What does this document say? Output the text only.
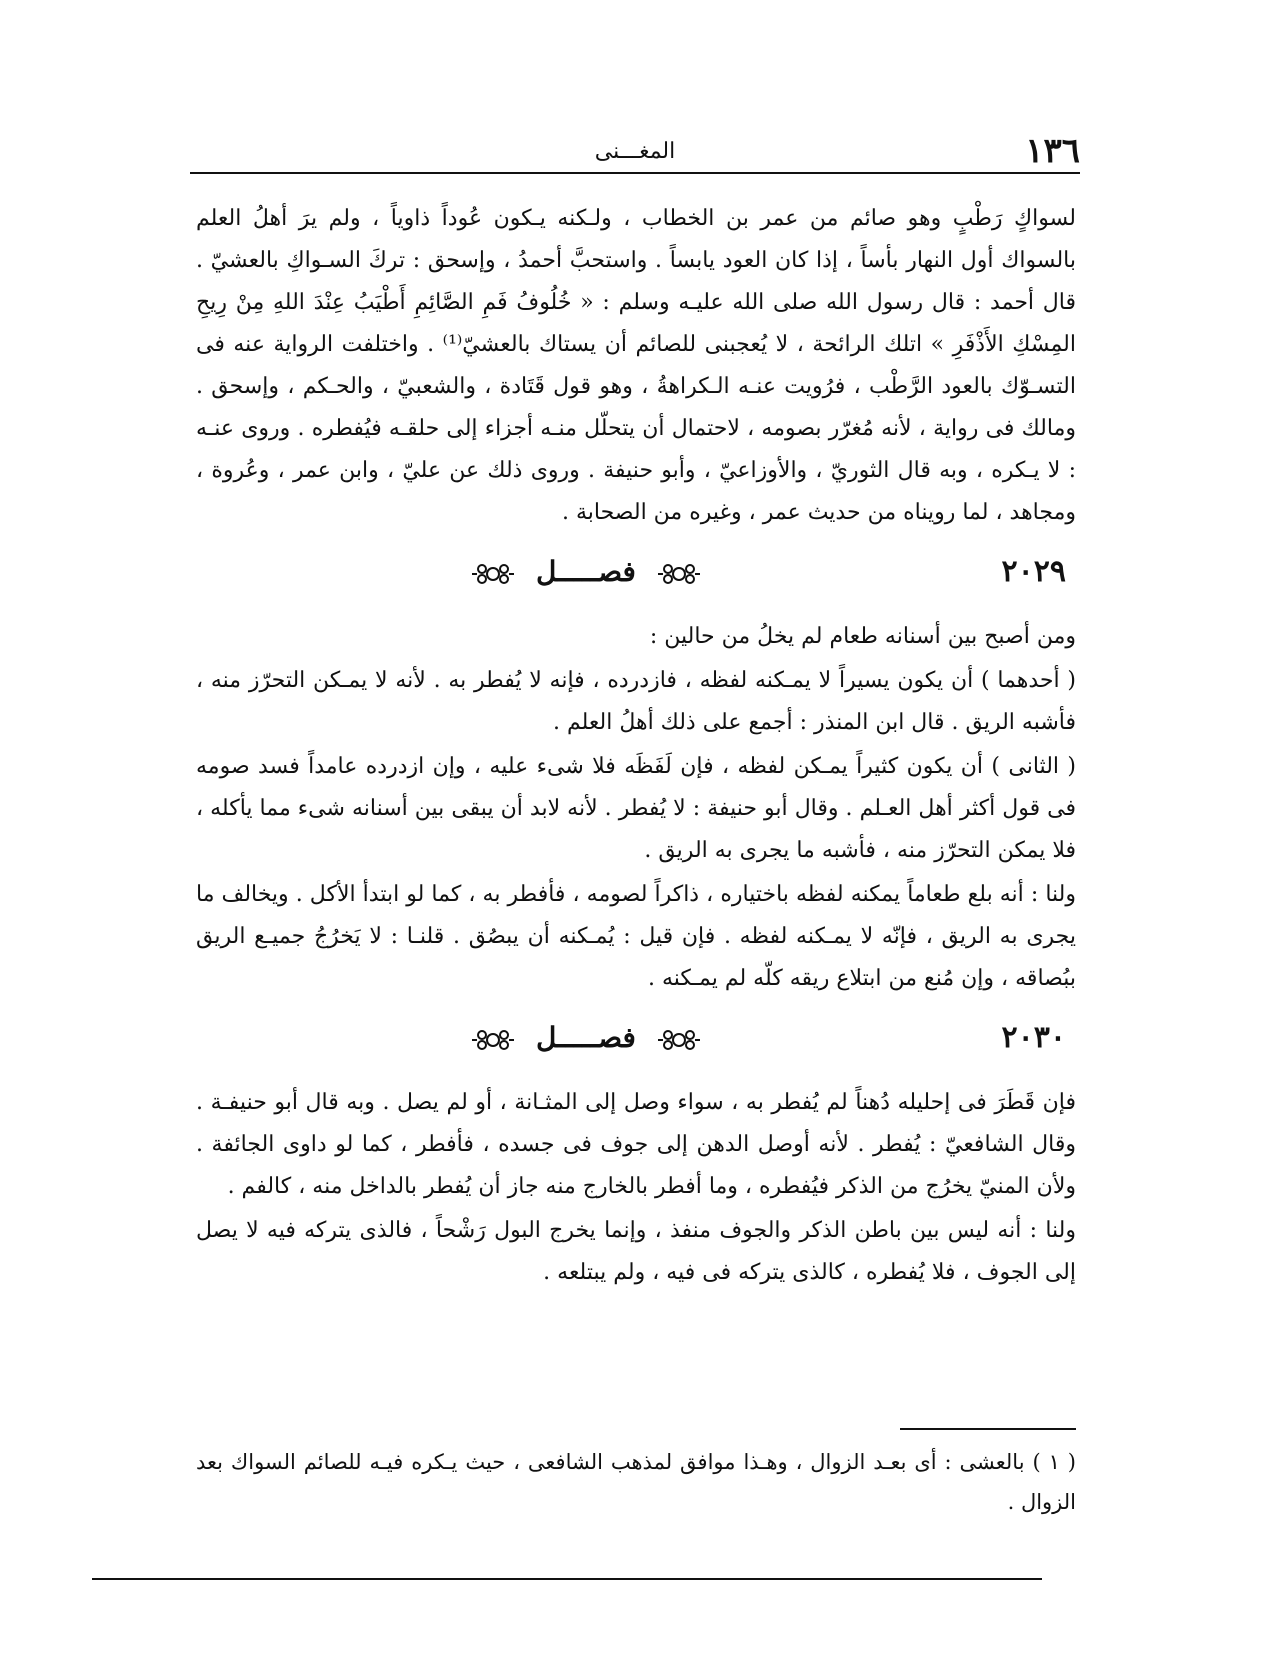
١٣٦
المغـــنى

لسواكٍ رَطْبٍ وهو صائم من عمر بن الخطاب ، ولـكنه يـكون عُوداً ذاوياً ، ولم يرَ أهلُ العلم بالسواك أول النهار بأساً ، إذا كان العود يابساً . واستحبَّ أحمدُ ، وإسحق : تركَ السـواكِ بالعشيّ . قال أحمد : قال رسول الله صلى الله عليـه وسلم : « خُلُوفُ فَمِ الصَّائِمِ أَطْيَبُ عِنْدَ اللهِ مِنْ رِيحِ المِسْكِ الأَذْفَرِ » اتلك الرائحة ، لا يُعجبنى للصائم أن يستاك بالعشيّ⁽¹⁾ . واختلفت الرواية عنه فى التسـوّك بالعود الرَّطْب ، فرُويت عنـه الـكراهةُ ، وهو قول قَتَادة ، والشعبيّ ، والحـكم ، وإسحق . ومالك فى رواية ، لأنه مُغرّر بصومه ، لاحتمال أن يتحلّل منـه أجزاء إلى حلقـه فيُفطره . وروى عنـه : لا يـكره ، وبه قال الثوريّ ، والأوزاعيّ ، وأبو حنيفة . وروى ذلك عن عليّ ، وابن عمر ، وعُروة ، ومجاهد ، لما رويناه من حديث عمر ، وغيره من الصحابة .

٢٠٢٩
فصـــــل

ومن أصبح بين أسنانه طعام لم يخلُ من حالين :

( أحدهما ) أن يكون يسيراً لا يمـكنه لفظه ، فازدرده ، فإنه لا يُفطر به . لأنه لا يمـكن التحرّز منه ، فأشبه الريق . قال ابن المنذر : أجمع على ذلك أهلُ العلم .

( الثانى ) أن يكون كثيراً يمـكن لفظه ، فإن لَفَظَه فلا شىء عليه ، وإن ازدرده عامداً فسد صومه فى قول أكثر أهل العـلم . وقال أبو حنيفة : لا يُفطر . لأنه لابد أن يبقى بين أسنانه شىء مما يأكله ، فلا يمكن التحرّز منه ، فأشبه ما يجرى به الريق .

ولنا : أنه بلع طعاماً يمكنه لفظه باختياره ، ذاكراً لصومه ، فأفطر به ، كما لو ابتدأ الأكل . ويخالف ما يجرى به الريق ، فإنّه لا يمـكنه لفظه . فإن قيل : يُمـكنه أن يبصُق . قلنـا : لا يَخرُجُ جميـع الريق ببُصاقه ، وإن مُنع من ابتلاع ريقه كلّه لم يمـكنه .

٢٠٣٠
فصـــــل

فإن قَطَرَ فى إحليله دُهناً لم يُفطر به ، سواء وصل إلى المثـانة ، أو لم يصل . وبه قال أبو حنيفـة . وقال الشافعيّ : يُفطر . لأنه أوصل الدهن إلى جوف فى جسده ، فأفطر ، كما لو داوى الجائفة . ولأن المنيّ يخرُج من الذكر فيُفطره ، وما أفطر بالخارج منه جاز أن يُفطر بالداخل منه ، كالفم .

ولنا : أنه ليس بين باطن الذكر والجوف منفذ ، وإنما يخرج البول رَشْحاً ، فالذى يتركه فيه لا يصل إلى الجوف ، فلا يُفطره ، كالذى يتركه فى فيه ، ولم يبتلعه .

( ١ ) بالعشى : أى بعـد الزوال ، وهـذا موافق لمذهب الشافعى ، حيث يـكره فيـه للصائم السواك بعد الزوال .
